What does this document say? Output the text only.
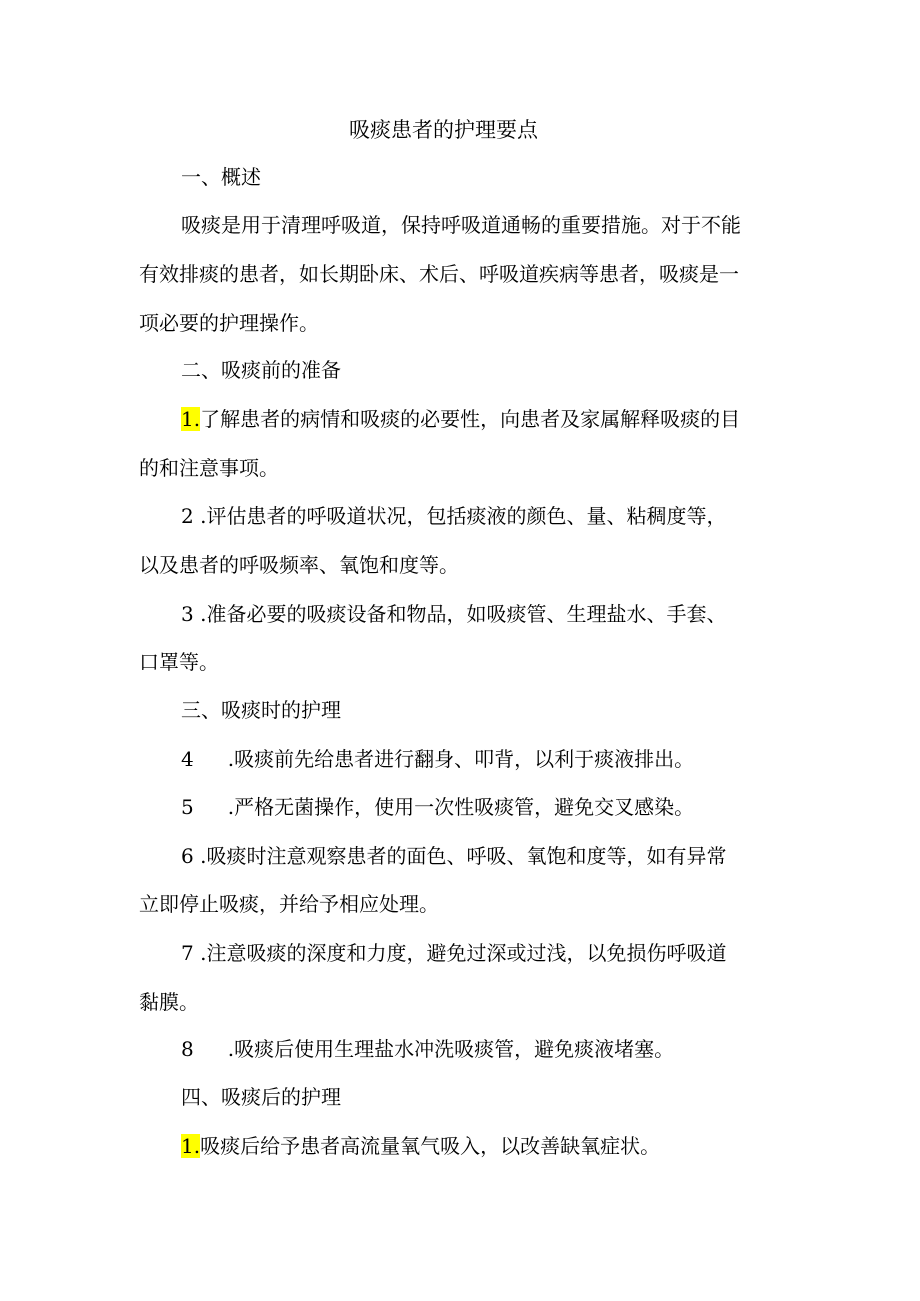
吸痰患者的护理要点
一、概述
吸痰是用于清理呼吸道，保持呼吸道通畅的重要措施。对于不能
有效排痰的患者，如长期卧床、术后、呼吸道疾病等患者，吸痰是一
项必要的护理操作。
二、吸痰前的准备
1.了解患者的病情和吸痰的必要性，向患者及家属解释吸痰的目
的和注意事项。
2 .评估患者的呼吸道状况，包括痰液的颜色、量、粘稠度等，
以及患者的呼吸频率、氧饱和度等。
3 .准备必要的吸痰设备和物品，如吸痰管、生理盐水、手套、
口罩等。
三、吸痰时的护理
4 .吸痰前先给患者进行翻身、叩背，以利于痰液排出。
5 .严格无菌操作，使用一次性吸痰管，避免交叉感染。
6 .吸痰时注意观察患者的面色、呼吸、氧饱和度等，如有异常
立即停止吸痰，并给予相应处理。
7 .注意吸痰的深度和力度，避免过深或过浅，以免损伤呼吸道
黏膜。
8 .吸痰后使用生理盐水冲洗吸痰管，避免痰液堵塞。
四、吸痰后的护理
1.吸痰后给予患者高流量氧气吸入，以改善缺氧症状。
